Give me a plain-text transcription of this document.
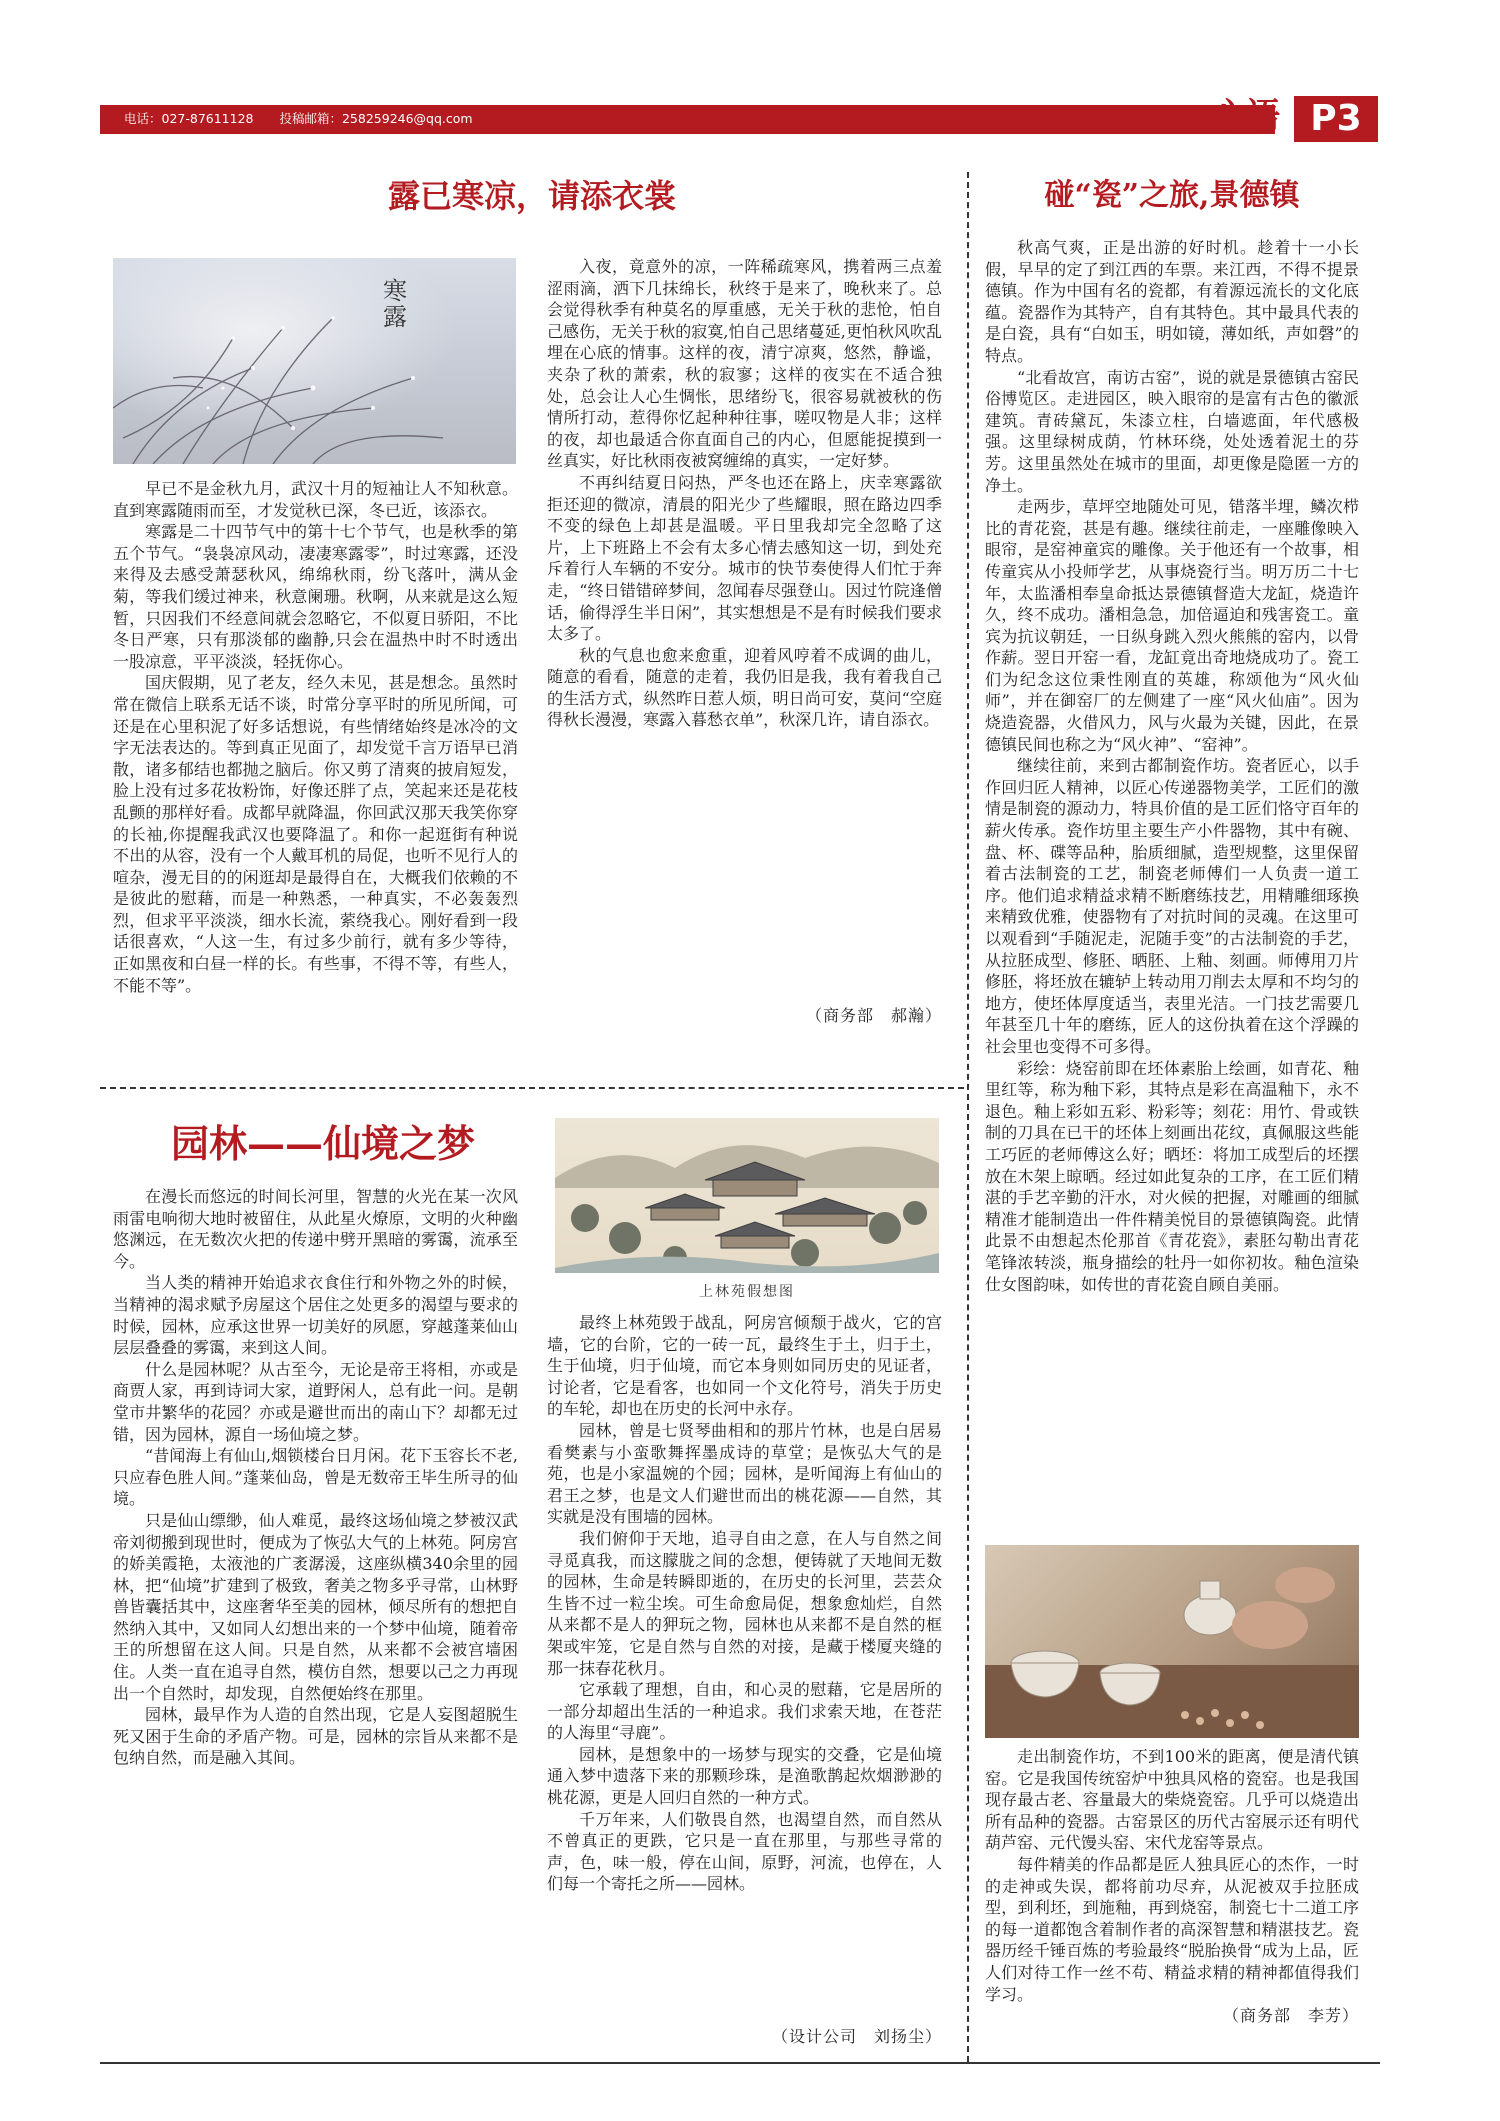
电话：027-87611128 投稿邮箱：258259246@qq.com	心语 P3
露已寒凉，请添衣裳
寒露

早已不是金秋九月，武汉十月的短袖让人不知秋意。直到寒露随雨而至，才发觉秋已深，冬已近，该添衣。

寒露是二十四节气中的第十七个节气，也是秋季的第五个节气。“袅袅凉风动，凄凄寒露零”，时过寒露，还没来得及去感受萧瑟秋风，绵绵秋雨，纷飞落叶，满从金菊，等我们缓过神来，秋意阑珊。秋啊，从来就是这么短暂，只因我们不经意间就会忽略它，不似夏日骄阳，不比冬日严寒，只有那淡郁的幽静,只会在温热中时不时透出一股凉意，平平淡淡，轻抚你心。

国庆假期，见了老友，经久未见，甚是想念。虽然时常在微信上联系无话不谈，时常分享平时的所见所闻，可还是在心里积泥了好多话想说，有些情绪始终是冰冷的文字无法表达的。等到真正见面了，却发觉千言万语早已消散，诸多郁结也都抛之脑后。你又剪了清爽的披肩短发，脸上没有过多花妆粉饰，好像还胖了点，笑起来还是花枝乱颤的那样好看。成都早就降温，你回武汉那天我笑你穿的长袖,你提醒我武汉也要降温了。和你一起逛街有种说不出的从容，没有一个人戴耳机的局促，也听不见行人的喧杂，漫无目的的闲逛却是最得自在，大概我们依赖的不是彼此的慰藉，而是一种熟悉，一种真实，不必轰轰烈烈，但求平平淡淡，细水长流，萦绕我心。刚好看到一段话很喜欢，“人这一生，有过多少前行，就有多少等待，正如黑夜和白昼一样的长。有些事，不得不等，有些人，不能不等”。

入夜，竟意外的凉，一阵稀疏寒风，携着两三点羞涩雨滴，洒下几抹绵长，秋终于是来了，晚秋来了。总会觉得秋季有种莫名的厚重感，无关于秋的悲怆，怕自己感伤，无关于秋的寂寞,怕自己思绪蔓延,更怕秋风吹乱埋在心底的情事。这样的夜，清宁凉爽，悠然，静谧，夹杂了秋的萧索，秋的寂寥；这样的夜实在不适合独处，总会让人心生惆怅，思绪纷飞，很容易就被秋的伤情所打动，惹得你忆起种种往事，嗟叹物是人非；这样的夜，却也最适合你直面自己的内心，但愿能捉摸到一丝真实，好比秋雨夜被窝缠绵的真实，一定好梦。

不再纠结夏日闷热，严冬也还在路上，庆幸寒露欲拒还迎的微凉，清晨的阳光少了些耀眼，照在路边四季不变的绿色上却甚是温暖。平日里我却完全忽略了这片，上下班路上不会有太多心情去感知这一切，到处充斥着行人车辆的不安分。城市的快节奏使得人们忙于奔走，“终日错错碎梦间，忽闻春尽强登山。因过竹院逢僧话，偷得浮生半日闲”，其实想想是不是有时候我们要求太多了。

秋的气息也愈来愈重，迎着风哼着不成调的曲儿，随意的看看，随意的走着，我仍旧是我，我有着我自己的生活方式，纵然昨日惹人烦，明日尚可安，莫问“空庭得秋长漫漫，寒露入暮愁衣单”，秋深几许，请自添衣。

（商务部　郝瀚）

碰“瓷”之旅,景德镇

秋高气爽，正是出游的好时机。趁着十一小长假，早早的定了到江西的车票。来江西，不得不提景德镇。作为中国有名的瓷都，有着源远流长的文化底蕴。瓷器作为其特产，自有其特色。其中最具代表的是白瓷，具有“白如玉，明如镜，薄如纸，声如磬”的特点。

“北看故宫，南访古窑”，说的就是景德镇古窑民俗博览区。走进园区，映入眼帘的是富有古色的徽派建筑。青砖黛瓦，朱漆立柱，白墙遮面，年代感极强。这里绿树成荫，竹林环绕，处处透着泥土的芬芳。这里虽然处在城市的里面，却更像是隐匿一方的净土。

走两步，草坪空地随处可见，错落半埋，鳞次栉比的青花瓷，甚是有趣。继续往前走，一座雕像映入眼帘，是窑神童宾的雕像。关于他还有一个故事，相传童宾从小投师学艺，从事烧瓷行当。明万历二十七年，太监潘相奉皇命抵达景德镇督造大龙缸，烧造许久，终不成功。潘相急急，加倍逼迫和残害瓷工。童宾为抗议朝廷，一日纵身跳入烈火熊熊的窑内，以骨作薪。翌日开窑一看，龙缸竟出奇地烧成功了。瓷工们为纪念这位秉性刚直的英雄，称颂他为“风火仙师”，并在御窑厂的左侧建了一座“风火仙庙”。因为烧造瓷器，火借风力，风与火最为关键，因此，在景德镇民间也称之为“风火神”、“窑神”。

继续往前，来到古都制瓷作坊。瓷者匠心，以手作回归匠人精神，以匠心传递器物美学，工匠们的激情是制瓷的源动力，特具价值的是工匠们恪守百年的薪火传承。瓷作坊里主要生产小件器物，其中有碗、盘、杯、碟等品种，胎质细腻，造型规整，这里保留着古法制瓷的工艺，制瓷老师傅们一人负责一道工序。他们追求精益求精不断磨练技艺，用精雕细琢换来精致优雅，使器物有了对抗时间的灵魂。在这里可以观看到“手随泥走，泥随手变”的古法制瓷的手艺，从拉胚成型、修胚、晒胚、上釉、刻画。师傅用刀片修胚，将坯放在辘轳上转动用刀削去太厚和不均匀的地方，使坯体厚度适当，表里光洁。一门技艺需要几年甚至几十年的磨练，匠人的这份执着在这个浮躁的社会里也变得不可多得。

彩绘：烧窑前即在坯体素胎上绘画，如青花、釉里红等，称为釉下彩，其特点是彩在高温釉下，永不退色。釉上彩如五彩、粉彩等；刻花：用竹、骨或铁制的刀具在已干的坯体上刻画出花纹，真佩服这些能工巧匠的老师傅这么好；晒坯：将加工成型后的坯摆放在木架上晾晒。经过如此复杂的工序，在工匠们精湛的手艺辛勤的汗水，对火候的把握，对雕画的细腻精准才能制造出一件件精美悦目的景德镇陶瓷。此情此景不由想起杰伦那首《青花瓷》，素胚勾勒出青花笔锋浓转淡，瓶身描绘的牡丹一如你初妆。釉色渲染仕女图韵味，如传世的青花瓷自顾自美丽。

走出制瓷作坊，不到100米的距离，便是清代镇窑。它是我国传统窑炉中独具风格的瓷窑。也是我国现存最古老、容量最大的柴烧瓷窑。几乎可以烧造出所有品种的瓷器。古窑景区的历代古窑展示还有明代葫芦窑、元代馒头窑、宋代龙窑等景点。

每件精美的作品都是匠人独具匠心的杰作，一时的走神或失误，都将前功尽弃，从泥被双手拉胚成型，到利坯，到施釉，再到烧窑，制瓷七十二道工序的每一道都饱含着制作者的高深智慧和精湛技艺。瓷器历经千锤百炼的考验最终“脱胎换骨“成为上品，匠人们对待工作一丝不苟、精益求精的精神都值得我们学习。

（商务部　李芳）

园林——仙境之梦
上林苑假想图

在漫长而悠远的时间长河里，智慧的火光在某一次风雨雷电响彻大地时被留住，从此星火燎原，文明的火种幽悠渊远，在无数次火把的传递中劈开黑暗的雾霭，流承至今。

当人类的精神开始追求衣食住行和外物之外的时候，当精神的渴求赋予房屋这个居住之处更多的渴望与要求的时候，园林，应承这世界一切美好的夙愿，穿越蓬莱仙山层层叠叠的雾霭，来到这人间。

什么是园林呢？从古至今，无论是帝王将相，亦或是商贾人家，再到诗词大家，道野闲人，总有此一问。是朝堂市井繁华的花园？亦或是避世而出的南山下？却都无过错，因为园林，源自一场仙境之梦。

“昔闻海上有仙山,烟锁楼台日月闲。花下玉容长不老,只应春色胜人间。”蓬莱仙岛，曾是无数帝王毕生所寻的仙境。

只是仙山缥缈，仙人难觅，最终这场仙境之梦被汉武帝刘彻搬到现世时，便成为了恢弘大气的上林苑。阿房宫的娇美霞艳，太液池的广袤潺湲，这座纵横340余里的园林，把“仙境”扩建到了极致，奢美之物多乎寻常，山林野兽皆囊括其中，这座奢华至美的园林，倾尽所有的想把自然纳入其中，又如同人幻想出来的一个梦中仙境，随着帝王的所想留在这人间。只是自然，从来都不会被宫墙困住。人类一直在追寻自然，模仿自然，想要以己之力再现出一个自然时，却发现，自然便始终在那里。

园林，最早作为人造的自然出现，它是人妄图超脱生死又困于生命的矛盾产物。可是，园林的宗旨从来都不是包纳自然，而是融入其间。

最终上林苑毁于战乱，阿房宫倾颓于战火，它的宫墙，它的台阶，它的一砖一瓦，最终生于土，归于土，生于仙境，归于仙境，而它本身则如同历史的见证者，讨论者，它是看客，也如同一个文化符号，消失于历史的车轮，却也在历史的长河中永存。

园林，曾是七贤琴曲相和的那片竹林，也是白居易看樊素与小蛮歌舞挥墨成诗的草堂；是恢弘大气的是苑，也是小家温婉的个园；园林，是听闻海上有仙山的君王之梦，也是文人们避世而出的桃花源——自然，其实就是没有围墙的园林。

我们俯仰于天地，追寻自由之意，在人与自然之间寻觅真我，而这朦胧之间的念想，便铸就了天地间无数的园林，生命是转瞬即逝的，在历史的长河里，芸芸众生皆不过一粒尘埃。可生命愈局促，想象愈灿烂，自然从来都不是人的狎玩之物，园林也从来都不是自然的框架或牢笼，它是自然与自然的对接，是藏于楼厦夹缝的那一抹春花秋月。

它承载了理想，自由，和心灵的慰藉，它是居所的一部分却超出生活的一种追求。我们求索天地，在苍茫的人海里“寻鹿”。

园林，是想象中的一场梦与现实的交叠，它是仙境通入梦中遗落下来的那颗珍珠，是渔歌鹊起炊烟渺渺的桃花源，更是人回归自然的一种方式。

千万年来，人们敬畏自然，也渴望自然，而自然从不曾真正的更跌，它只是一直在那里，与那些寻常的声，色，味一般，停在山间，原野，河流，也停在，人们每一个寄托之所——园林。

（设计公司　刘扬尘）
